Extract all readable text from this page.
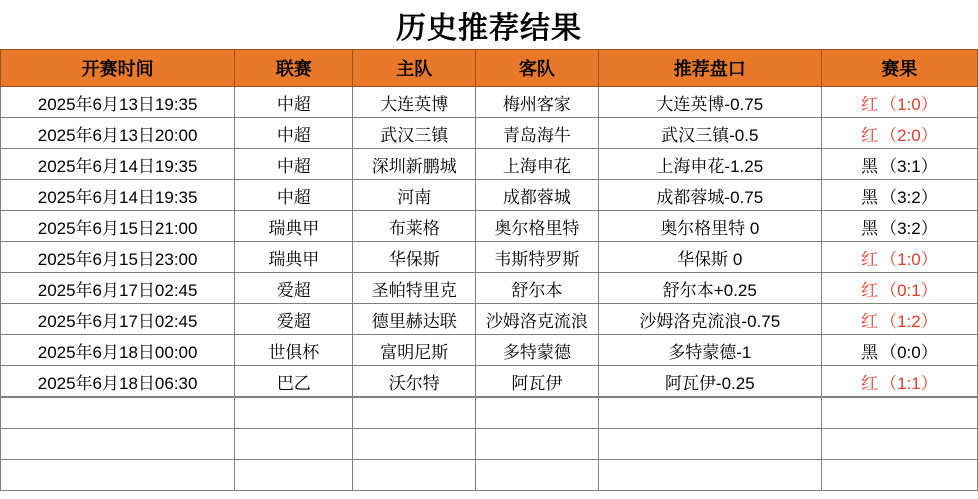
历史推荐结果
开赛时间	联赛	主队	客队	推荐盘口	赛果
2025年6月13日19:35	中超	大连英博	梅州客家	大连英博-0.75	红 （1:0）

2025年6月13日20:00	中超	武汉三镇	青岛海牛	武汉三镇-0.5	红 （2:0）

2025年6月14日19:35	中超	深圳新鹏城	上海申花	上海申花-1.25	黑 （3:1）

2025年6月14日19:35	中超	河南	成都蓉城	成都蓉城-0.75	黑 （3:2）

2025年6月15日21:00	瑞典甲	布莱格	奥尔格里特	奥尔格里特 0	黑 （3:2）

2025年6月15日23:00	瑞典甲	华保斯	韦斯特罗斯	华保斯 0	红 （1:0）

2025年6月17日02:45	爱超	圣帕特里克	舒尔本	舒尔本+0.25	红 （0:1）

2025年6月17日02:45	爱超	德里赫达联	沙姆洛克流浪	沙姆洛克流浪-0.75	红 （1:2）

2025年6月18日00:00	世俱杯	富明尼斯	多特蒙德	多特蒙德-1	黑 （0:0）

2025年6月18日06:30	巴乙	沃尔特	阿瓦伊	阿瓦伊-0.25	红 （1:1）
